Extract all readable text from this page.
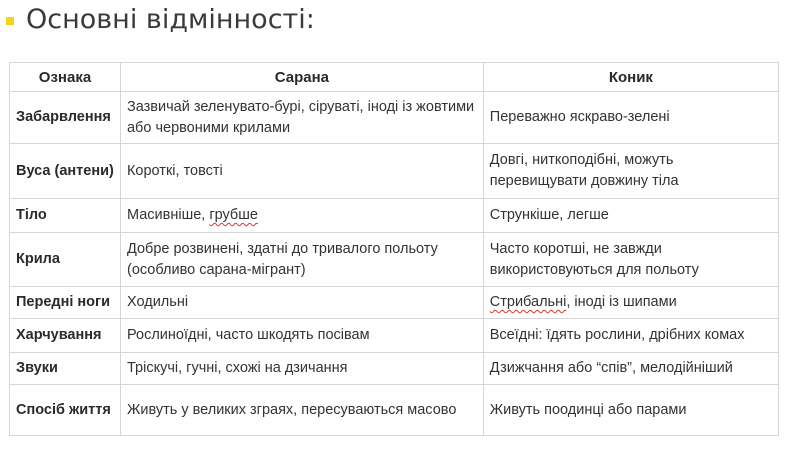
Основні відмінності:
Ознака	Сарана	Коник
Забарвлення	Зазвичай зеленувато-бурі, сіруваті, іноді із жовтими або червоними крилами	Переважно яскраво-зелені
Вуса (антени)	Короткі, товсті	Довгі, ниткоподібні, можуть перевищувати довжину тіла
Тіло	Масивніше, грубше	Стрункіше, легше
Крила	Добре розвинені, здатні до тривалого польоту (особливо сарана-мігрант)	Часто коротші, не завжди використовуються для польоту
Передні ноги	Ходильні	Стрибальні, іноді із шипами
Харчування	Рослиноїдні, часто шкодять посівам	Всеїдні: їдять рослини, дрібних комах
Звуки	Тріскучі, гучні, схожі на дзичання	Дзижчання або “спів”, мелодійніший
Спосіб життя	Живуть у великих зграях, пересуваються масово	Живуть поодинці або парами
